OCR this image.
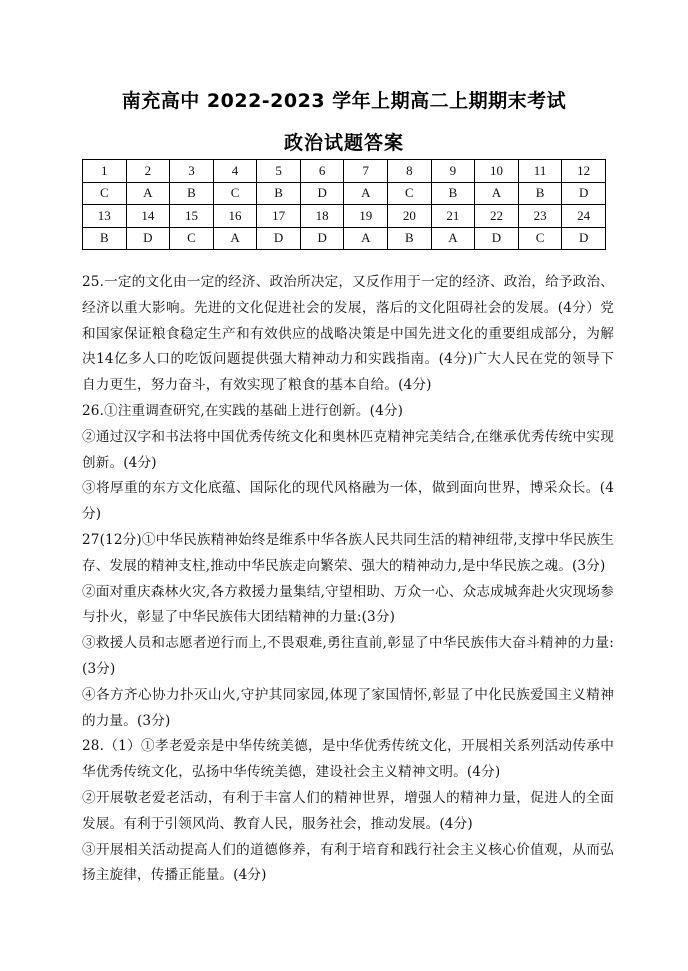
南充高中 2022-2023 学年上期高二上期期末考试
政治试题答案
1	2	3	4	5	6	7	8	9	10	11	12
C	A	B	C	B	D	A	C	B	A	B	D
13	14	15	16	17	18	19	20	21	22	23	24
B	D	C	A	D	D	A	B	A	D	C	D

25.一定的文化由一定的经济、政治所决定，又反作用于一定的经济、政治，给予政治、经济以重大影响。先进的文化促进社会的发展，落后的文化阻碍社会的发展。(4分）党和国家保证粮食稳定生产和有效供应的战略决策是中国先进文化的重要组成部分，为解决14亿多人口的吃饭问题提供强大精神动力和实践指南。(4分)广大人民在党的领导下自力更生，努力奋斗，有效实现了粮食的基本自给。(4分)

26.①注重调查研究,在实践的基础上进行创新。(4分)

②通过汉字和书法将中国优秀传统文化和奥林匹克精神完美结合,在继承优秀传统中实现创新。(4分)

③将厚重的东方文化底蕴、国际化的现代风格融为一体，做到面向世界，博采众长。(4分)

27(12分)①中华民族精神始终是维系中华各族人民共同生活的精神纽带,支撑中华民族生存、发展的精神支柱,推动中华民族走向繁荣、强大的精神动力,是中华民族之魂。(3分)

②面对重庆森林火灾,各方救援力量集结,守望相助、万众一心、众志成城奔赴火灾现场参与扑火，彰显了中华民族伟大团结精神的力量:(3分)

③救援人员和志愿者逆行而上,不畏艰难,勇往直前,彰显了中华民族伟大奋斗精神的力量:(3分)

④各方齐心协力扑灭山火,守护其同家园,体现了家国情怀,彰显了中化民族爱国主义精神的力量。(3分)

28.（1）①孝老爱亲是中华传统美德，是中华优秀传统文化，开展相关系列活动传承中华优秀传统文化，弘扬中华传统美德，建设社会主义精神文明。(4分)

②开展敬老爱老活动，有利于丰富人们的精神世界，增强人的精神力量，促进人的全面发展。有利于引领风尚、教育人民，服务社会，推动发展。(4分)

③开展相关活动提高人们的道德修养，有利于培育和践行社会主义核心价值观，从而弘扬主旋律，传播正能量。(4分)
